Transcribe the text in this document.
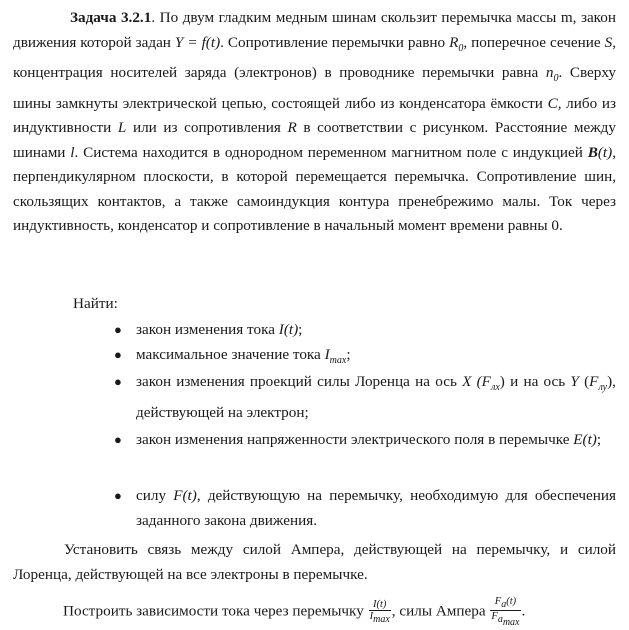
Задача 3.2.1. По двум гладким медным шинам скользит перемычка массы m, закон движения которой задан Y = f(t). Сопротивление перемычки равно $R_0$, поперечное сечение S, концентрация носителей заряда (электронов) в проводнике перемычки равна $n_0$. Сверху шины замкнуты электрической цепью, состоящей либо из конденсатора ёмкости C, либо из индуктивности L или из сопротивления R в соответствии с рисунком. Расстояние между шинами l. Система находится в однородном переменном магнитном поле с индукцией B(t), перпендикулярном плоскости, в которой перемещается перемычка. Сопротивление шин, скользящих контактов, а также самоиндукция контура пренебрежимо малы. Ток через индуктивность, конденсатор и сопротивление в начальный момент времени равны 0.
Найти:
● закон изменения тока I(t);
● максимальное значение тока $I_{max}$;
● закон изменения проекций силы Лоренца на ось X $(F_{лх})$ и на ось Y $(F_{лу})$, действующей на электрон;
● закон изменения напряженности электрического поля в перемычке E(t);
● силу F(t), действующую на перемычку, необходимую для обеспечения заданного закона движения.
Установить связь между силой Ампера, действующей на перемычку, и силой Лоренца, действующей на все электроны в перемычке.
Построить зависимости тока через перемычку $\frac{I(t)}{I_{max}}$ , силы Ампера $\frac{F_a(t)}{F_{a_{max}}}$ .
